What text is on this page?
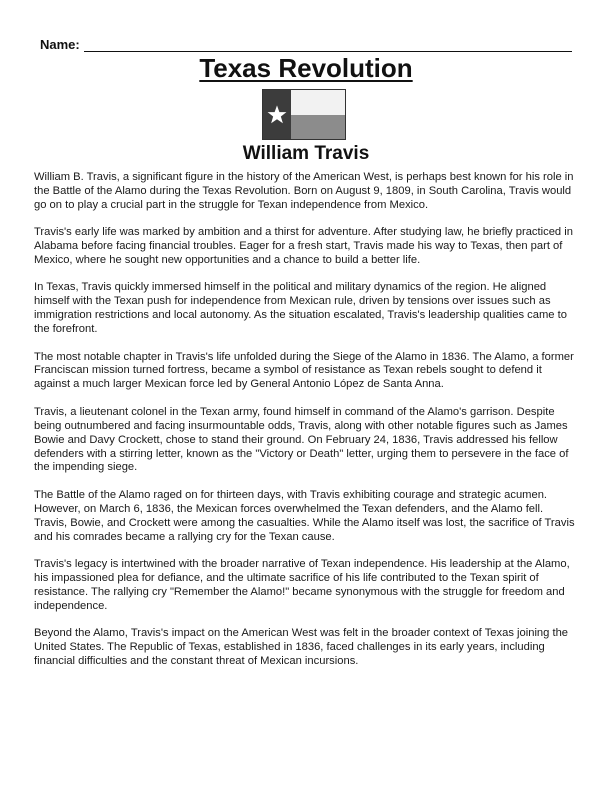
Name:
Texas Revolution
William Travis

William B. Travis, a significant figure in the history of the American West, is perhaps best known for his role in the Battle of the Alamo during the Texas Revolution. Born on August 9, 1809, in South Carolina, Travis would go on to play a crucial part in the struggle for Texan independence from Mexico.

Travis's early life was marked by ambition and a thirst for adventure. After studying law, he briefly practiced in Alabama before facing financial troubles. Eager for a fresh start, Travis made his way to Texas, then part of Mexico, where he sought new opportunities and a chance to build a better life.

In Texas, Travis quickly immersed himself in the political and military dynamics of the region. He aligned himself with the Texan push for independence from Mexican rule, driven by tensions over issues such as immigration restrictions and local autonomy. As the situation escalated, Travis's leadership qualities came to the forefront.

The most notable chapter in Travis's life unfolded during the Siege of the Alamo in 1836. The Alamo, a former Franciscan mission turned fortress, became a symbol of resistance as Texan rebels sought to defend it against a much larger Mexican force led by General Antonio López de Santa Anna.

Travis, a lieutenant colonel in the Texan army, found himself in command of the Alamo's garrison. Despite being outnumbered and facing insurmountable odds, Travis, along with other notable figures such as James Bowie and Davy Crockett, chose to stand their ground. On February 24, 1836, Travis addressed his fellow defenders with a stirring letter, known as the "Victory or Death" letter, urging them to persevere in the face of the impending siege.

The Battle of the Alamo raged on for thirteen days, with Travis exhibiting courage and strategic acumen. However, on March 6, 1836, the Mexican forces overwhelmed the Texan defenders, and the Alamo fell. Travis, Bowie, and Crockett were among the casualties. While the Alamo itself was lost, the sacrifice of Travis and his comrades became a rallying cry for the Texan cause.

Travis's legacy is intertwined with the broader narrative of Texan independence. His leadership at the Alamo, his impassioned plea for defiance, and the ultimate sacrifice of his life contributed to the Texan spirit of resistance. The rallying cry "Remember the Alamo!" became synonymous with the struggle for freedom and independence.

Beyond the Alamo, Travis's impact on the American West was felt in the broader context of Texas joining the United States. The Republic of Texas, established in 1836, faced challenges in its early years, including financial difficulties and the constant threat of Mexican incursions.
